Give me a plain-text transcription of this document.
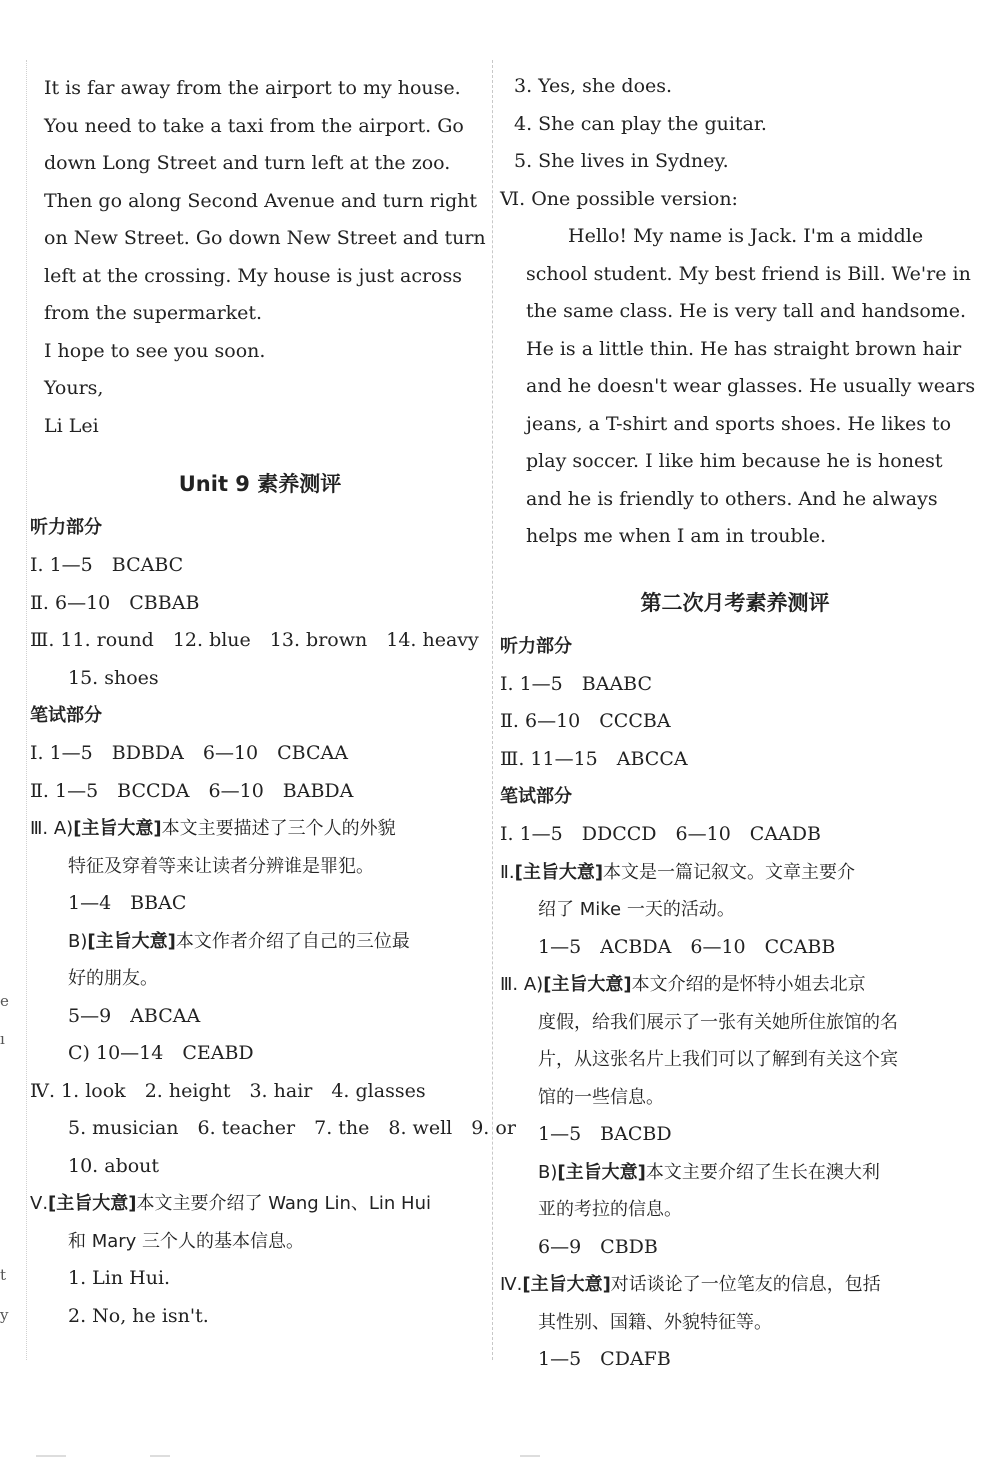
e
ı
t
y
It is far away from the airport to my house.
You need to take a taxi from the airport. Go
down Long Street and turn left at the zoo.
Then go along Second Avenue and turn right
on New Street. Go down New Street and turn
left at the crossing. My house is just across
from the supermarket.
I hope to see you soon.
Yours,
Li Lei
Unit 9 素养测评
听力部分
Ⅰ. 1—5　BCABC
Ⅱ. 6—10　CBBAB
Ⅲ. 11. round　12. blue　13. brown　14. heavy
15. shoes
笔试部分
Ⅰ. 1—5　BDBDA　6—10　CBCAA
Ⅱ. 1—5　BCCDA　6—10　BABDA
Ⅲ. A)[主旨大意]本文主要描述了三个人的外貌
特征及穿着等来让读者分辨谁是罪犯。
1—4　BBAC
B)[主旨大意]本文作者介绍了自己的三位最
好的朋友。
5—9　ABCAA
C) 10—14　CEABD
Ⅳ. 1. look　2. height　3. hair　4. glasses
5. musician　6. teacher　7. the　8. well　9. or
10. about
Ⅴ.[主旨大意]本文主要介绍了 Wang Lin、Lin Hui
和 Mary 三个人的基本信息。
1. Lin Hui.
2. No, he isn't.
3. Yes, she does.
4. She can play the guitar.
5. She lives in Sydney.
Ⅵ. One possible version:
Hello! My name is Jack. I'm a middle
school student. My best friend is Bill. We're in
the same class. He is very tall and handsome.
He is a little thin. He has straight brown hair
and he doesn't wear glasses. He usually wears
jeans, a T-shirt and sports shoes. He likes to
play soccer. I like him because he is honest
and he is friendly to others. And he always
helps me when I am in trouble.
第二次月考素养测评
听力部分
Ⅰ. 1—5　BAABC
Ⅱ. 6—10　CCCBA
Ⅲ. 11—15　ABCCA
笔试部分
Ⅰ. 1—5　DDCCD　6—10　CAADB
Ⅱ.[主旨大意]本文是一篇记叙文。文章主要介
绍了 Mike 一天的活动。
1—5　ACBDA　6—10　CCABB
Ⅲ. A)[主旨大意]本文介绍的是怀特小姐去北京
度假，给我们展示了一张有关她所住旅馆的名
片，从这张名片上我们可以了解到有关这个宾
馆的一些信息。
1—5　BACBD
B)[主旨大意]本文主要介绍了生长在澳大利
亚的考拉的信息。
6—9　CBDB
Ⅳ.[主旨大意]对话谈论了一位笔友的信息，包括
其性别、国籍、外貌特征等。
1—5　CDAFB
